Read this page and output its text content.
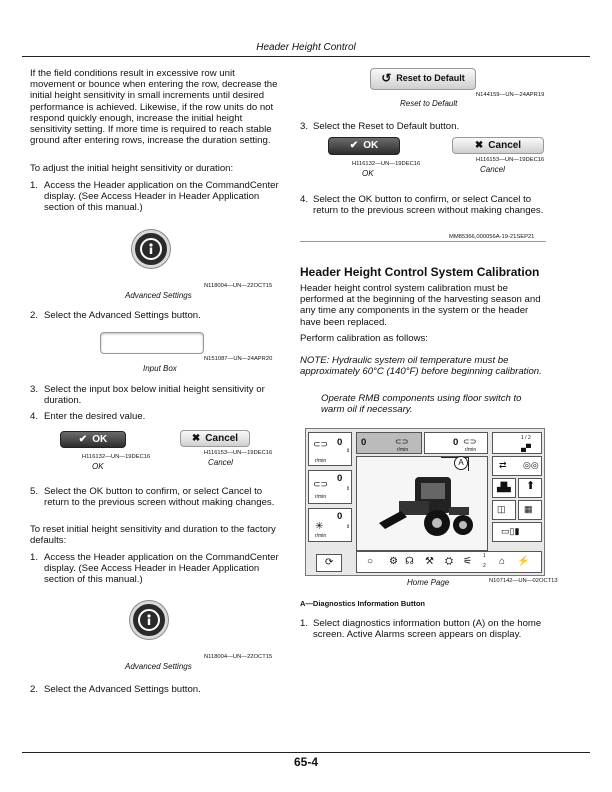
Header Height Control
65-4
If the field conditions result in excessive row unit movement or bounce when entering the row, decrease the initial height sensitivity in small increments until desired performance is achieved. Likewise, if the row units do not respond quickly enough, increase the initial height sensitivity setting. If more time is required to reach stable ground after entering rows, increase the duration setting.
To adjust the initial height sensitivity or duration:
1. Access the Header application on the CommandCenter display. (See Access Header in Header Application section of this manual.)
N118004—UN—22OCT15
Advanced Settings
2. Select the Advanced Settings button.
N151087—UN—24APR20
Input Box
3. Select the input box below initial height sensitivity or duration.
4. Enter the desired value.
✔ OK	✖ Cancel
H116132—UN—19DEC16
OK
H116153—UN—19DEC16
Cancel
5. Select the OK button to confirm, or select Cancel to return to the previous screen without making changes.
To reset initial height sensitivity and duration to the factory defaults:
1. Access the Header application on the CommandCenter display. (See Access Header in Header Application section of this manual.)
N118004—UN—22OCT15
Advanced Settings
2. Select the Advanced Settings button.
↺ Reset to Default
N144159—UN—24APR19
Reset to Default
3. Select the Reset to Default button.
✔ OK	✖ Cancel
H116132—UN—19DEC16
OK
H116153—UN—19DEC16
Cancel
4. Select the OK button to confirm, or select Cancel to return to the previous screen without making changes.
MM85366,000056A-19-21SEP21
Header Height Control System Calibration
Header height control system calibration must be performed at the beginning of the harvesting season and any time any components in the system or the header have been replaced.
Perform calibration as follows:
NOTE: Hydraulic system oil temperature must be approximately 60°C (140°F) before beginning calibration.
Operate RMB components using floor switch to warm oil if necessary.
⊂⊃ 0
r/min
⇕
⊂⊃ 0
r/min
⇕
✳
0
r/min
⇕
0	⊂⊃
r/min
0 ⊂⊃
r/min
A
1 / 2
▄▀
⇄ ◎◎
▟▙ ⬆
◫ ▦
▭▯▮
⟳	○ ⚙ ☊ ⚒ ⛭ ⚟ 1
2 ⌂ ⚡
N107142—UN—02OCT13
Home Page
A—Diagnostics Information Button
1. Select diagnostics information button (A) on the home screen. Active Alarms screen appears on display.
